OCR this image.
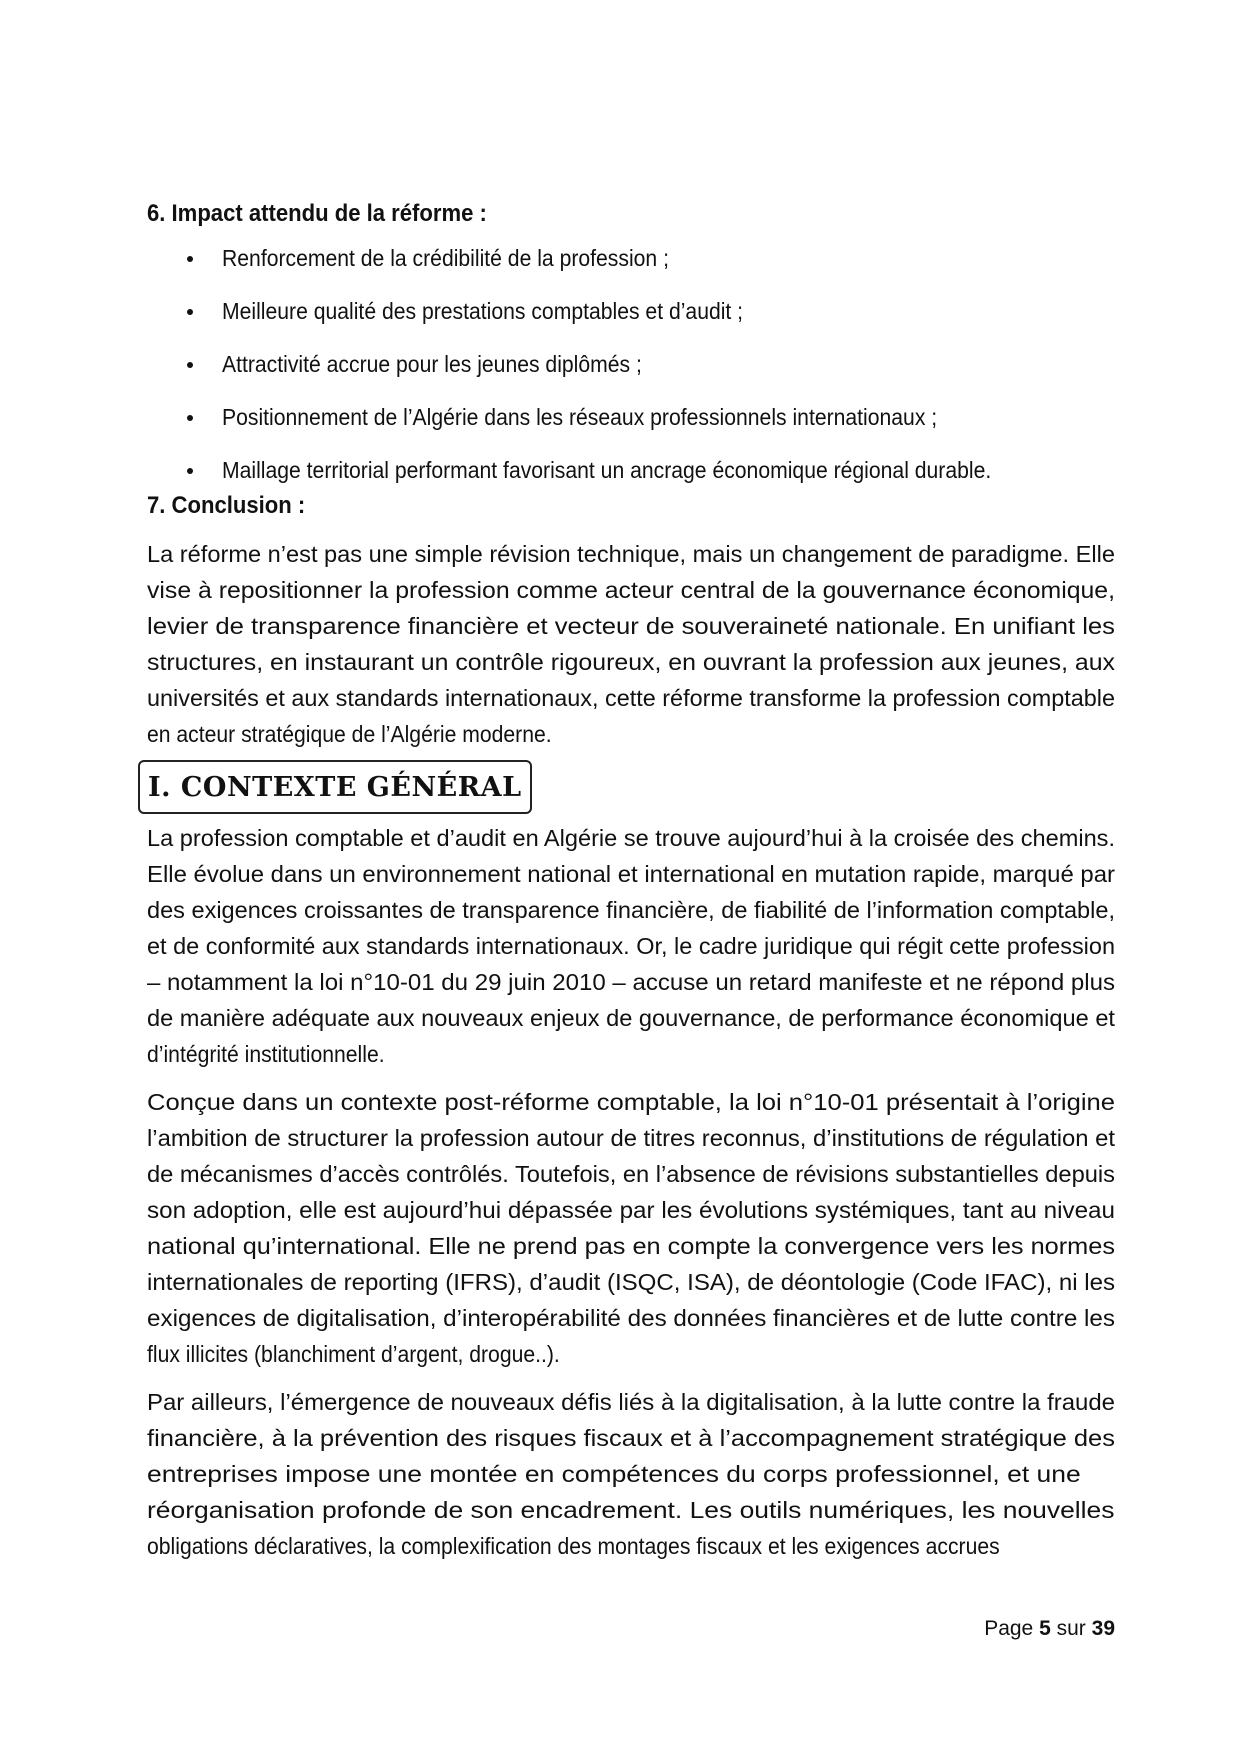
6. Impact attendu de la réforme :
Renforcement de la crédibilité de la profession ;
Meilleure qualité des prestations comptables et d’audit ;
Attractivité accrue pour les jeunes diplômés ;
Positionnement de l’Algérie dans les réseaux professionnels internationaux ;
Maillage territorial performant favorisant un ancrage économique régional durable.
7. Conclusion :
La réforme n’est pas une simple révision technique, mais un changement de paradigme. Elle
vise à repositionner la profession comme acteur central de la gouvernance économique,
levier de transparence financière et vecteur de souveraineté nationale. En unifiant les
structures, en instaurant un contrôle rigoureux, en ouvrant la profession aux jeunes, aux
universités et aux standards internationaux, cette réforme transforme la profession comptable
en acteur stratégique de l’Algérie moderne.
I. CONTEXTE GÉNÉRAL
La profession comptable et d’audit en Algérie se trouve aujourd’hui à la croisée des chemins.
Elle évolue dans un environnement national et international en mutation rapide, marqué par
des exigences croissantes de transparence financière, de fiabilité de l’information comptable,
et de conformité aux standards internationaux. Or, le cadre juridique qui régit cette profession
– notamment la loi n°10-01 du 29 juin 2010 – accuse un retard manifeste et ne répond plus
de manière adéquate aux nouveaux enjeux de gouvernance, de performance économique et
d’intégrité institutionnelle.
Conçue dans un contexte post-réforme comptable, la loi n°10-01 présentait à l’origine
l’ambition de structurer la profession autour de titres reconnus, d’institutions de régulation et
de mécanismes d’accès contrôlés. Toutefois, en l’absence de révisions substantielles depuis
son adoption, elle est aujourd’hui dépassée par les évolutions systémiques, tant au niveau
national qu’international. Elle ne prend pas en compte la convergence vers les normes
internationales de reporting (IFRS), d’audit (ISQC, ISA), de déontologie (Code IFAC), ni les
exigences de digitalisation, d’interopérabilité des données financières et de lutte contre les
flux illicites (blanchiment d’argent, drogue..).
Par ailleurs, l’émergence de nouveaux défis liés à la digitalisation, à la lutte contre la fraude
financière, à la prévention des risques fiscaux et à l’accompagnement stratégique des
entreprises impose une montée en compétences du corps professionnel, et une
réorganisation profonde de son encadrement. Les outils numériques, les nouvelles
obligations déclaratives, la complexification des montages fiscaux et les exigences accrues
Page 5 sur 39
